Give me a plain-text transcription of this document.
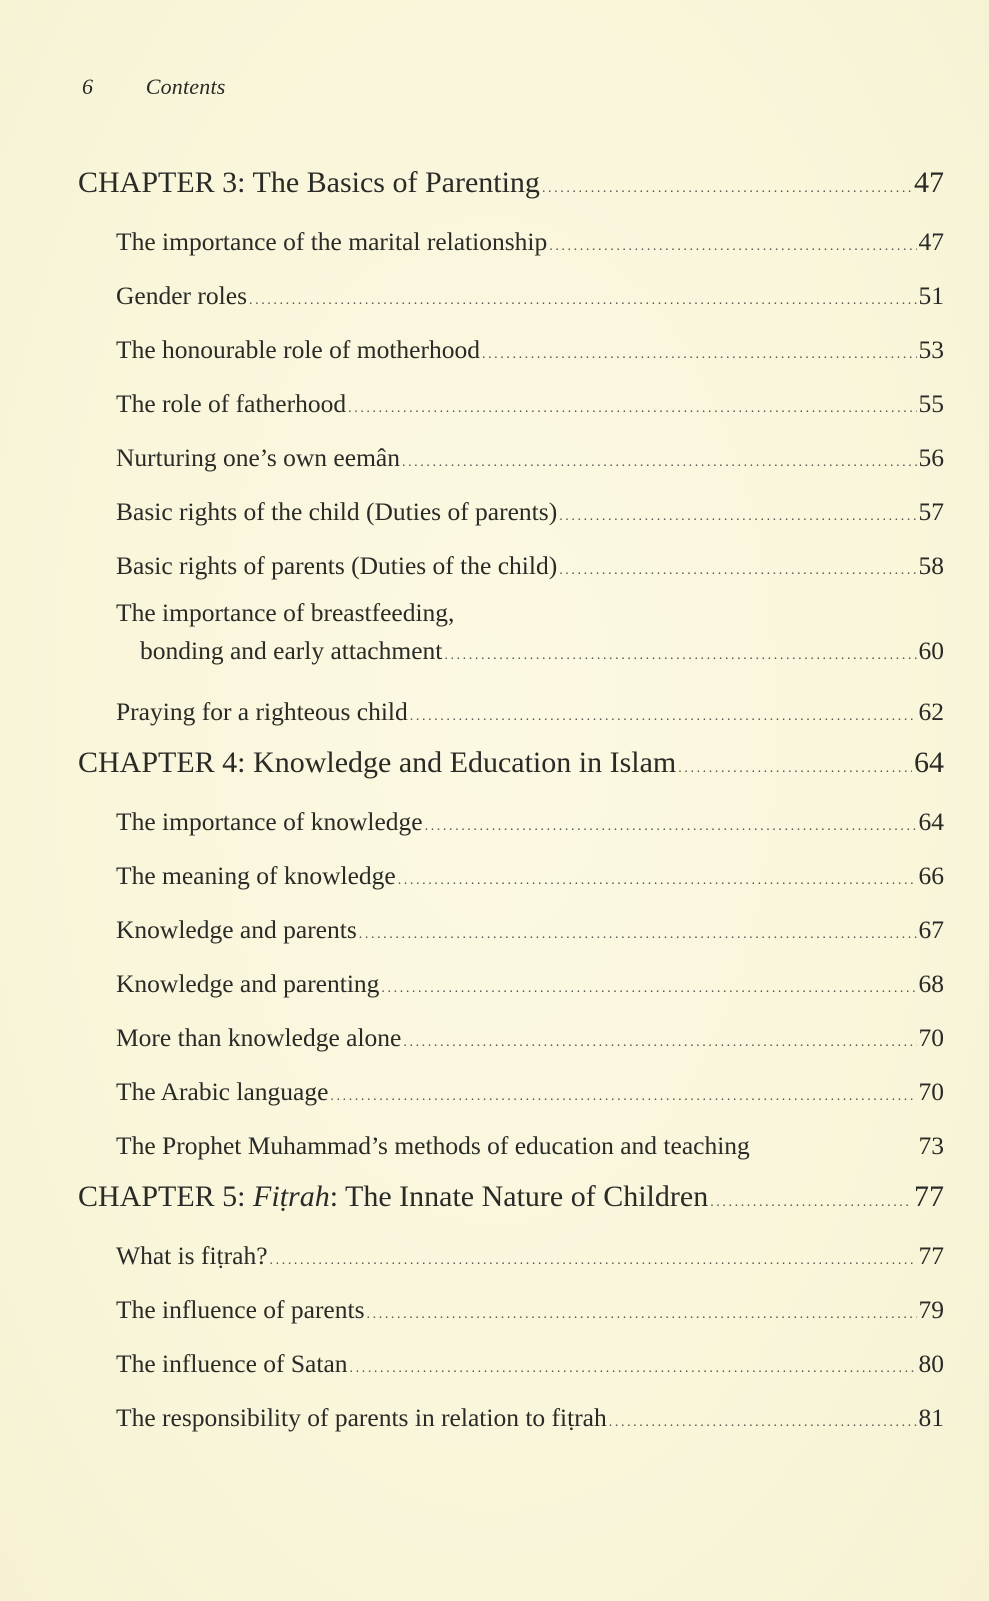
6 Contents
CHAPTER 3: The Basics of Parenting .....	47
The importance of the marital relationship .....	47
Gender roles .....	51
The honourable role of motherhood .....	53
The role of fatherhood .....	55
Nurturing one’s own eemân .....	56
Basic rights of the child (Duties of parents) .....	57
Basic rights of parents (Duties of the child) .....	58
The importance of breastfeeding,
bonding and early attachment .....	60
Praying for a righteous child .....	62
CHAPTER 4: Knowledge and Education in Islam .....	64
The importance of knowledge .....	64
The meaning of knowledge .....	66
Knowledge and parents .....	67
Knowledge and parenting .....	68
More than knowledge alone .....	70
The Arabic language .....	70
The Prophet Muhammad’s methods of education and teaching	73
CHAPTER 5: Fiṭrah: The Innate Nature of Children .....	77
What is fiṭrah? .....	77
The influence of parents .....	79
The influence of Satan .....	80
The responsibility of parents in relation to fiṭrah .....	81
